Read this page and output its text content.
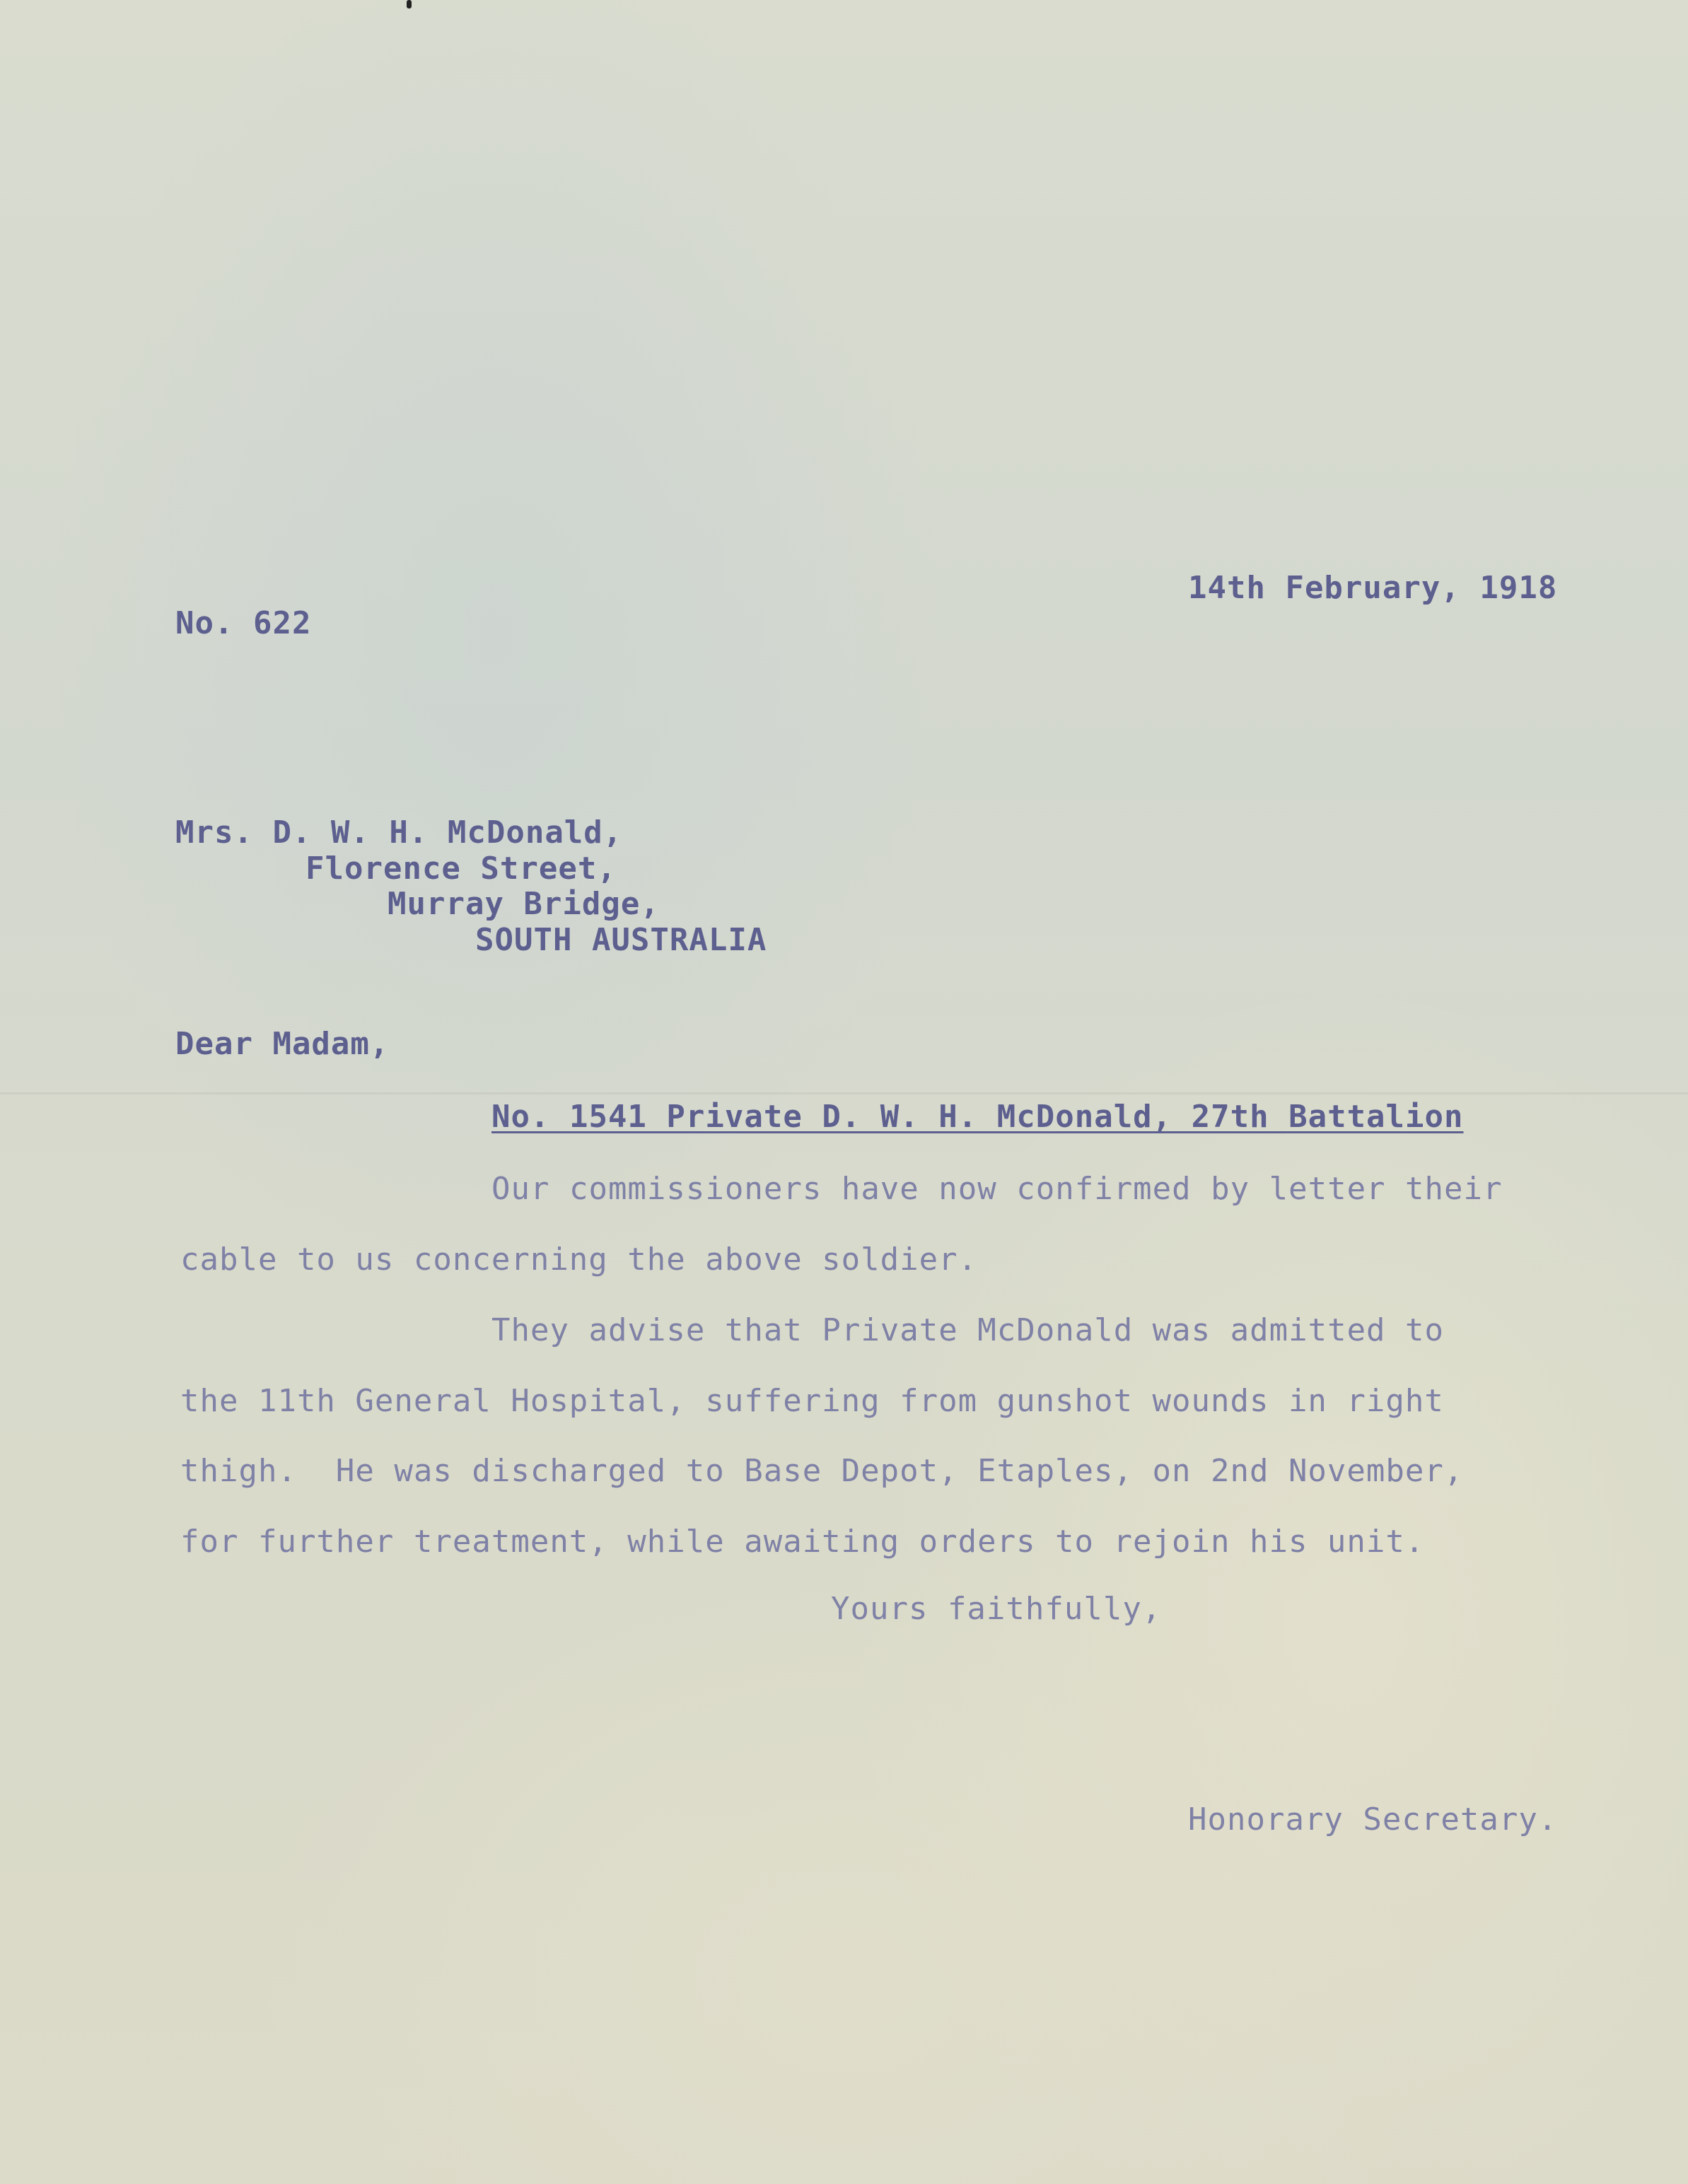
14th February, 1918
No. 622
Mrs. D. W. H. McDonald,
Florence Street,
Murray Bridge,
SOUTH AUSTRALIA
Dear Madam,
No. 1541 Private D. W. H. McDonald, 27th Battalion
Our commissioners have now confirmed by letter their
cable to us concerning the above soldier.
They advise that Private McDonald was admitted to
the 11th General Hospital, suffering from gunshot wounds in right
thigh.  He was discharged to Base Depot, Etaples, on 2nd November,
for further treatment, while awaiting orders to rejoin his unit.
Yours faithfully,
Honorary Secretary.
